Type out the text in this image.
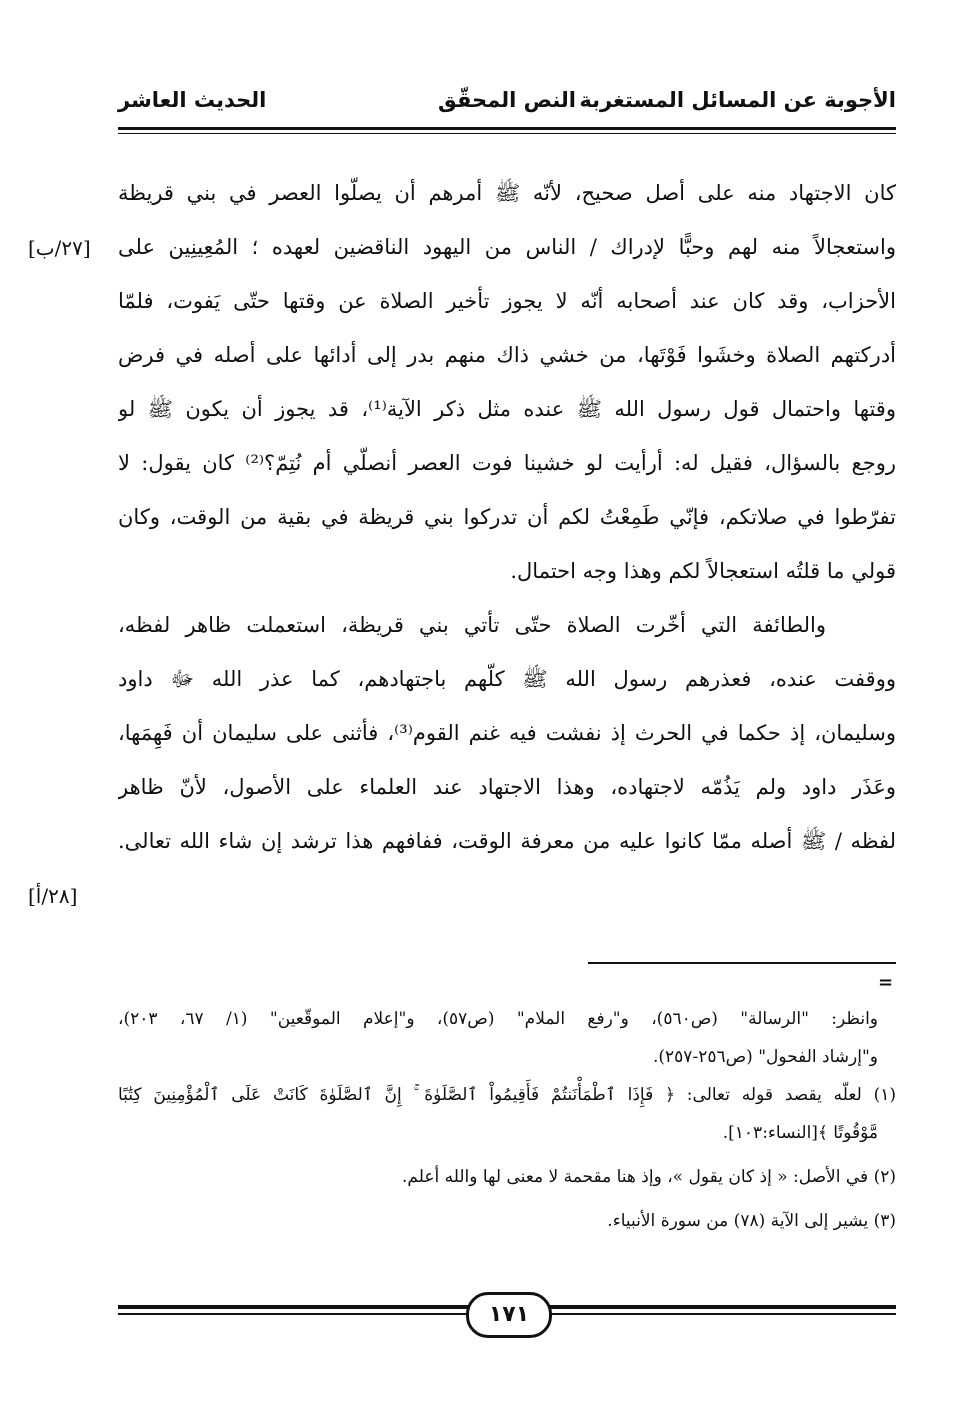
الأجوبة عن المسائل المستغربة
النص المحقّق
الحديث العاشر
كان الاجتهاد منه على أصل صحيح، لأنّه ﷺ أمرهم أن يصلّوا العصر في بني قريظة
واستعجالاً منه لهم وحبًّا لإدراك / الناس من اليهود الناقضين لعهده ؛ المُعِينِين على
الأحزاب، وقد كان عند أصحابه أنّه لا يجوز تأخير الصلاة عن وقتها حتّى يَفوت، فلمّا
أدركتهم الصلاة وخشَوا فَوْتَها، من خشي ذاك منهم بدر إلى أدائها على أصله في فرض
وقتها واحتمال قول رسول الله ﷺ عنده مثل ذكر الآية⁽¹⁾، قد يجوز أن يكون ﷺ لو
روجع بالسؤال، فقيل له: أرأيت لو خشينا فوت العصر أنصلّي أم نُتِمّ؟⁽²⁾ كان يقول: لا
تفرّطوا في صلاتكم، فإنّي طَمِعْتُ لكم أن تدركوا بني قريظة في بقية من الوقت، وكان
قولي ما قلتُه استعجالاً لكم وهذا وجه احتمال.
والطائفة التي أخّرت الصلاة حتّى تأتي بني قريظة، استعملت ظاهر لفظه،
ووقفت عنده، فعذرهم رسول الله ﷺ كلّهم باجتهادهم، كما عذر الله ﷻ داود
وسليمان، إذ حكما في الحرث إذ نفشت فيه غنم القوم⁽³⁾، فأثنى على سليمان أن فَهِمَها،
وعَذَر داود ولم يَذُمّه لاجتهاده، وهذا الاجتهاد عند العلماء على الأصول، لأنّ ظاهر
لفظه / ﷺ أصله ممّا كانوا عليه من معرفة الوقت، ففافهم هذا ترشد إن شاء الله تعالى.
[٢٧/ب]
[٢٨/أ]
=
وانظر: "الرسالة" (ص٥٦٠)، و"رفع الملام" (ص٥٧)، و"إعلام الموقّعين" (١/ ٦٧، ٢٠٣)،
و"إرشاد الفحول" (ص٢٥٦-٢٥٧).
(١) لعلّه يقصد قوله تعالى: ﴿ فَإِذَا ٱطْمَأْنَنتُمْ فَأَقِيمُواْ ٱلصَّلَوٰةَ ۚ إِنَّ ٱلصَّلَوٰةَ كَانَتْ عَلَى ٱلْمُؤْمِنِينَ كِتَٰبًا
مَّوْقُوتًا ﴾[النساء:١٠٣].
(٢) في الأصل: « إذ كان يقول »، وإذ هنا مقحمة لا معنى لها والله أعلم.
(٣) يشير إلى الآية (٧٨) من سورة الأنبياء.
١٧١
